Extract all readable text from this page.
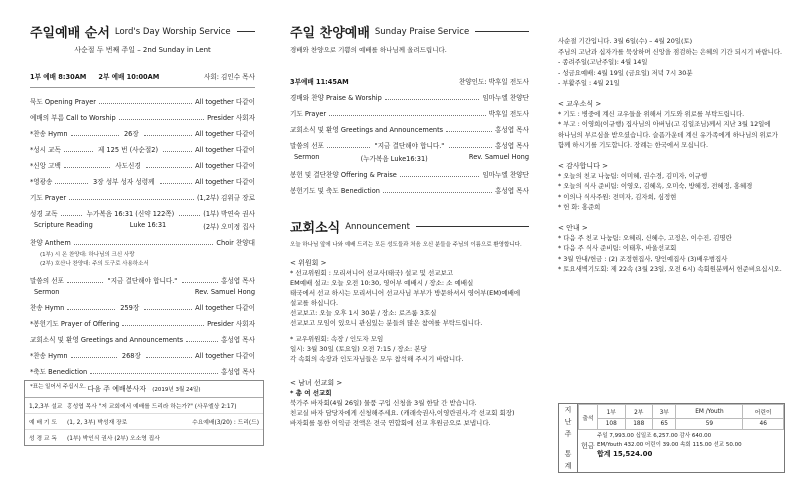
주일예배 순서 Lord's Day Worship Service
사순절 두 번째 주일 – 2nd Sunday in Lent
1부 예배 8:30AM 2부 예배 10:00AM	사회: 김인수 목사
묵도 Opening Prayer	All together 다같이
예배의 부름 Call to Worship	Presider 사회자
*찬송 Hymn	26장	All together 다같이
*성시 교독	제 125 번 (사순절2)	All together 다같이
*신앙 고백	사도신경	All together 다같이
*영광송	3장 성부 성자 성령께	All together 다같이
기도 Prayer	(1,2부) 김위규 장로
성경 교독	누가복음 16:31 (신약 122쪽)	(1부) 박연숙 권사
Scripture Reading	Luke 16:31	(2부) 오미정 집사
찬양 Anthem	Choir 찬양대
(1부) 시 온 찬양대: 하나님의 크신 사랑
(2부) 호산나 찬양대: 주의 도구로 사용하소서
말씀의 선포	"지금 결단해야 합니다."	홍성엽 목사
Sermon	Rev. Samuel Hong
찬송 Hymn	259장	All together 다같이
*봉헌기도 Prayer of Offering	Presider 사회자
교회소식 및 환영 Greetings and Announcements	홍성엽 목사
*찬송 Hymn	268장	All together 다같이
*축도 Benediction	홍성엽 목사
*표는 일어서 주십시오. 다음 주 예배봉사자 (2019년 3월 24일)
1,2,3부 설교 홍성엽 목사 "저 교회에서 예배를 드리라 하는가?" (사무엘상 2:17)
예 배 기 도	(1, 2, 3부) 박성재 장로	수요예배(3/20) : 드리(드)
성 경 교 독	(1부) 박인식 권사 (2부) 오소영 집사
주일 찬양예배 Sunday Praise Service
경배와 찬양으로 기쁨의 예배를 하나님께 올려드립니다.
3부예배 11:45AM	찬양인도: 박후일 전도사
경배와 찬양 Praise & Worship	임마누엘 찬양단
기도 Prayer	박후일 전도사
교회소식 및 환영 Greetings and Announcements	홍성엽 목사
말씀의 선포	"지금 결단해야 합니다."	홍성엽 목사
Sermon	(누가복음 Luke16:31)	Rev. Samuel Hong
봉헌 및 결단찬양 Offering & Praise	임마누엘 찬양단
봉헌기도 및 축도 Benediction	홍성엽 목사
교회소식 Announcement
오늘 하나님 앞에 나와 예배 드리는 모든 성도들과 처음 오신 분들을 주님의 이름으로 환영합니다.
< 위원회 >
* 선교위원회 : 모리셔니어 선교사(태국) 설교 및 선교보고
EM예배 설교: 오늘 오전 10:30, 영어부 예배시 / 장소: 소 예배실
태국에서 선교 하시는 모리셔니어 선교사님 부부가 방문하셔서 영어부(EM)예배에
설교를 하십니다.
선교보고: 오늘 오후 1시 30분 / 장소: 로즈룸 3호실
선교보고 모임이 있으니 관심있는 분들의 많은 참여를 부탁드립니다.
* 교우위원회: 속장 / 인도자 모임
일시: 3월 30일 (토요일) 오전 7:15 / 장소: 본당
각 속회의 속장과 인도자님들은 모두 참석해 주시기 바랍니다.
< 남녀 선교회 >
* 총 여 선교회
북가주 바자회(4월 26일) 물품 구입 신청을 3월 한달 간 받습니다.
친교실 바자 담당자에게 신청해주세요. (캐래숙권사,이영란권사,각 선교회 회장)
바자회를 통한 이익금 전액은 전국 연합회에 선교 후원금으로 보냅니다.
사순절 기간입니다. 3월 6일(수) – 4월 20일(토)
주님의 고난과 십자가를 묵상하며 신앙을 점검하는 은혜의 기간 되시기 바랍니다.
- 종려주일(고난주일): 4월 14일
- 성금요예배: 4월 19일 (금요일) 저녁 7시 30분
- 부활주일 : 4월 21일
< 교우소식 >
* 기도 : 병중에 계신 교우들을 위해서 기도와 위로를 부탁드립니다.
* 부고 : 이영희(이규행) 집사님의 아버님(고 김일조님)께서 지난 3월 12일에
하나님의 부르심을 받으셨습니다. 슬픔가운데 계신 유가족에게 하나님의 위로가
함께 하시기를 기도합니다. 장례는 한국에서 모십니다.
< 감사합니다 >
* 오늘의 친교 나눔팀: 이미혜, 권수경, 김미자, 이규행
* 오늘의 식사 준비팀: 이영오, 김혜옥, 오미숙, 방혜정, 전혜정, 홍혜경
* 이의나 식사주원: 전미자, 김자희, 심정현
* 헌 화: 홍준희
< 안내 >
* 다음 주 친교 나눔팀: 오혜리, 신혜수, 고정은, 이수진, 김명란
* 다음 주 식사 준비팀: 이태후, 바울선교회
* 3월 안내/헌금 : (2) 조정현집사, 양인예집사 (3)배우범집사
* 토요새벽기도회: 제 22속 (3월 23일, 오전 6시) 속회원분께서 헌준비요십시오.
지
난
주
통
계
출석	1부	2부	3부	EM /Youth	어린이
	108	188	65	59	46
헌금
주일 7,993.00 십일조 6,257.00 감사 640.00
EM/Youth 432.00 어린이 39.00 속회 115.00 선교 50.00
합계 15,524.00
